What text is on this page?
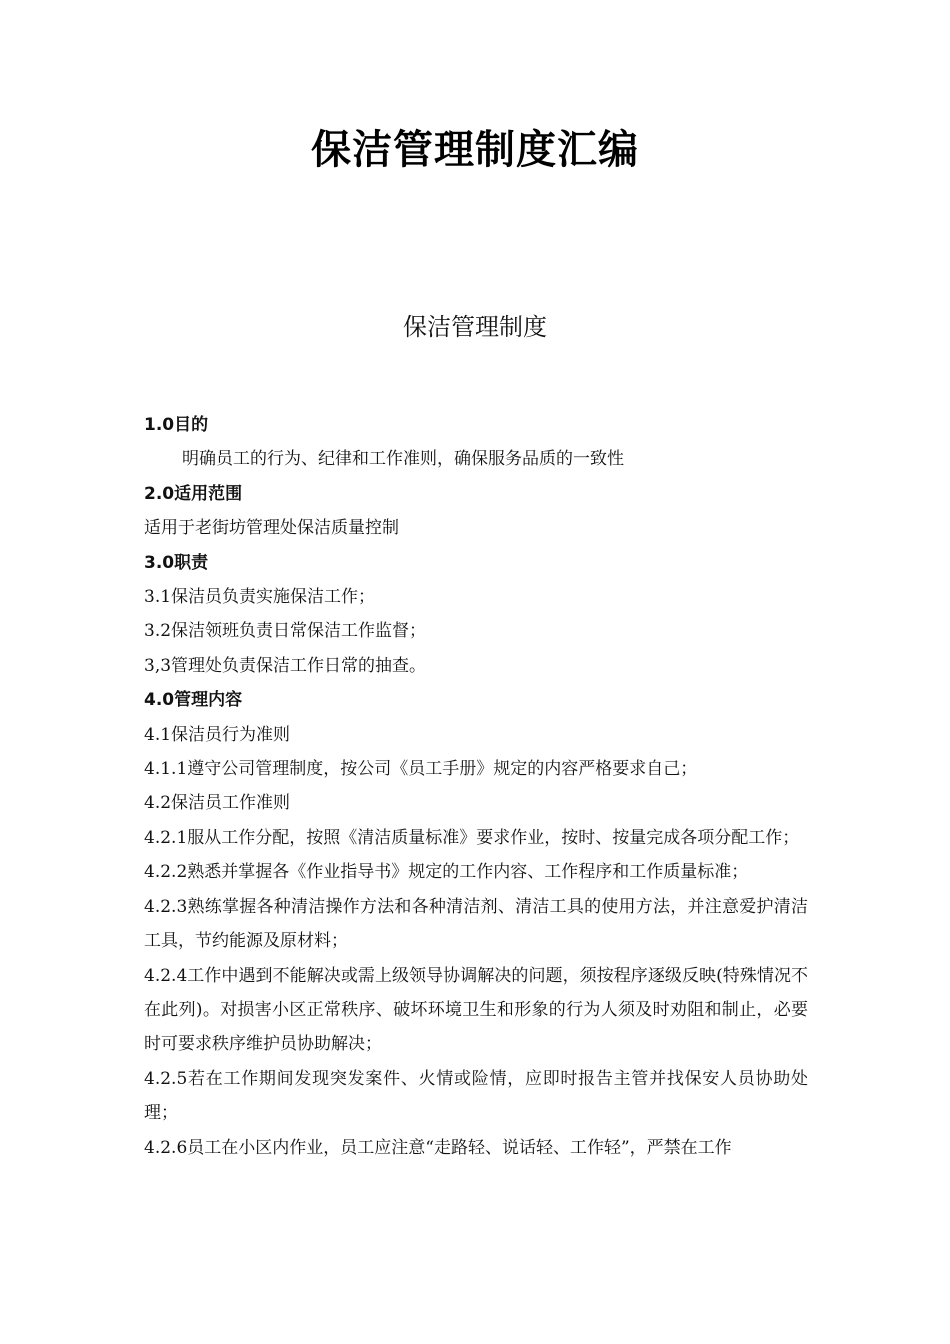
保洁管理制度汇编
保洁管理制度
1.0目的
明确员工的行为、纪律和工作准则，确保服务品质的一致性
2.0适用范围
适用于老街坊管理处保洁质量控制
3.0职责
3.1保洁员负责实施保洁工作；
3.2保洁领班负责日常保洁工作监督；
3,3管理处负责保洁工作日常的抽查。
4.0管理内容
4.1保洁员行为准则
4.1.1遵守公司管理制度，按公司《员工手册》规定的内容严格要求自己；
4.2保洁员工作准则
4.2.1服从工作分配，按照《清洁质量标准》要求作业，按时、按量完成各项分配工作；
4.2.2熟悉并掌握各《作业指导书》规定的工作内容、工作程序和工作质量标准；
4.2.3熟练掌握各种清洁操作方法和各种清洁剂、清洁工具的使用方法，并注意爱护清洁工具，节约能源及原材料；
4.2.4工作中遇到不能解决或需上级领导协调解决的问题，须按程序逐级反映(特殊情况不在此列)。对损害小区正常秩序、破坏环境卫生和形象的行为人须及时劝阻和制止，必要时可要求秩序维护员协助解决；
4.2.5若在工作期间发现突发案件、火情或险情，应即时报告主管并找保安人员协助处理；
4.2.6员工在小区内作业，员工应注意“走路轻、说话轻、工作轻”，严禁在工作
